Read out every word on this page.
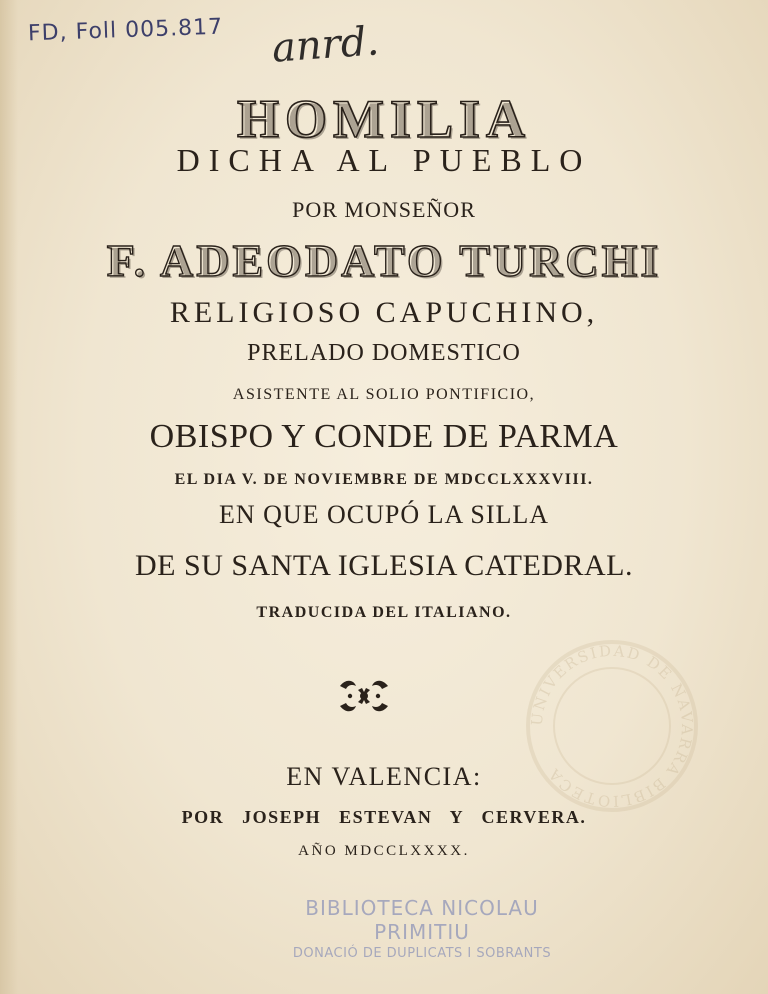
FD, Foll 005.817 anrd.

HOMILIA

DICHA AL PUEBLO

POR MONSEÑOR

F. ADEODATO TURCHI

RELIGIOSO CAPUCHINO,

PRELADO DOMESTICO

ASISTENTE AL SOLIO PONTIFICIO,

OBISPO Y CONDE DE PARMA

EL DIA V. DE NOVIEMBRE DE MDCCLXXXVIII.

EN QUE OCUPÓ LA SILLA

DE SU SANTA IGLESIA CATEDRAL.

TRADUCIDA DEL ITALIANO.

EN VALENCIA:

POR JOSEPH ESTEVAN Y CERVERA.

AÑO MDCCLXXXX.

UNIVERSIDAD DE NAVARRA BIBLIOTECA
BIBLIOTECA NICOLAU PRIMITIU
DONACIÓ DE DUPLICATS I SOBRANTS
